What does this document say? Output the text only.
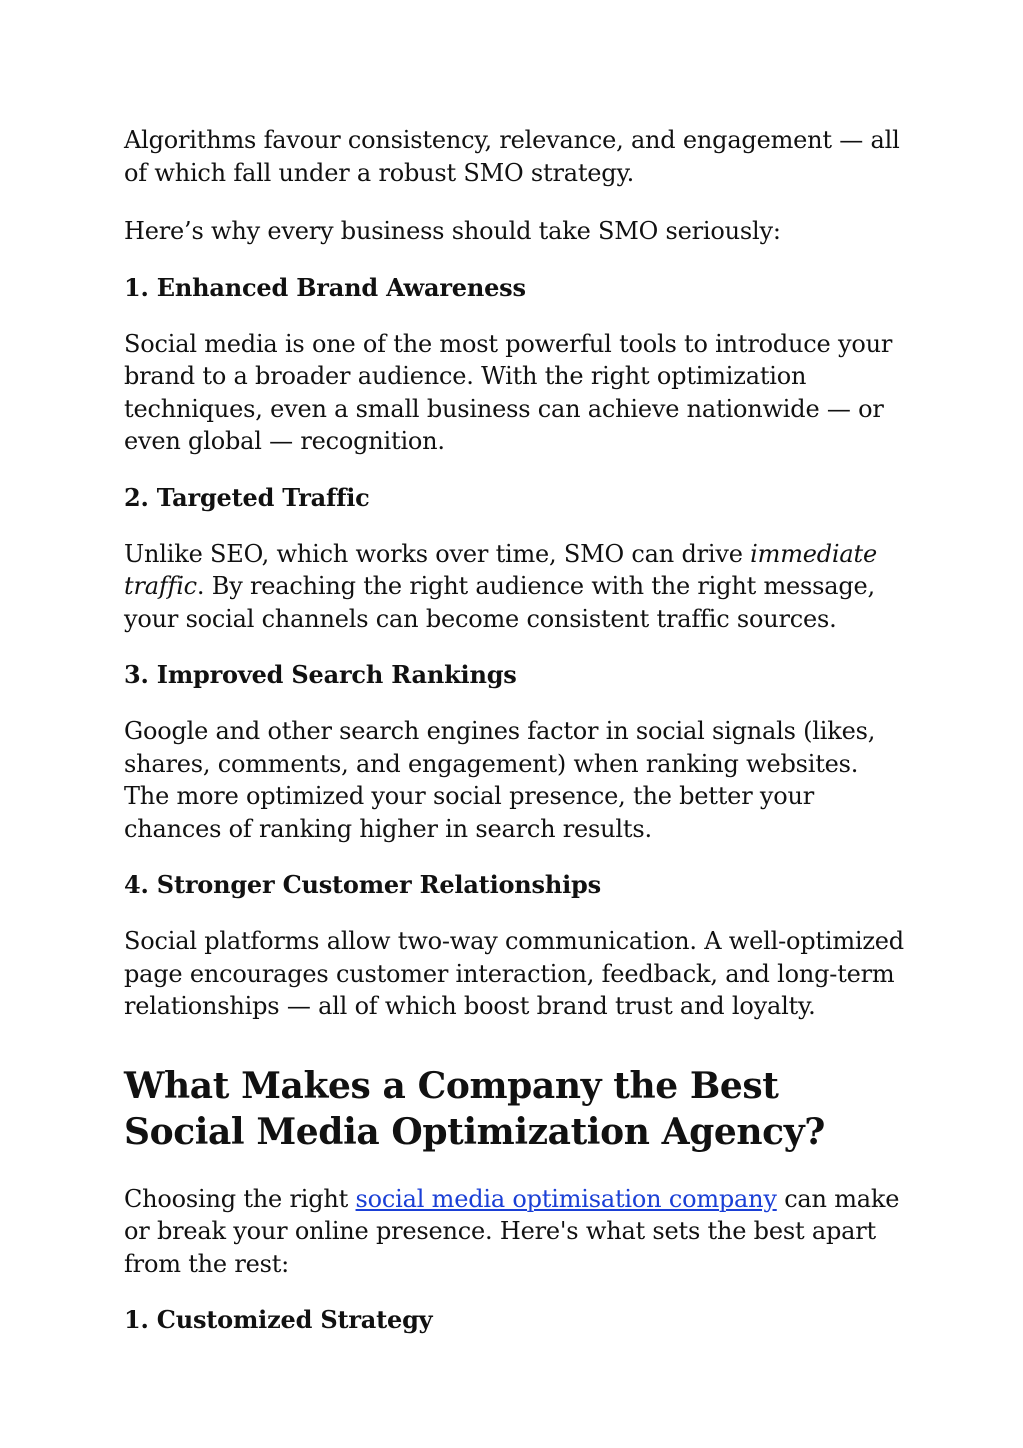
Algorithms favour consistency, relevance, and engagement — all of which fall under a robust SMO strategy.

Here’s why every business should take SMO seriously:

1. Enhanced Brand Awareness

Social media is one of the most powerful tools to introduce your brand to a broader audience. With the right optimization techniques, even a small business can achieve nationwide — or even global — recognition.

2. Targeted Traffic

Unlike SEO, which works over time, SMO can drive immediate traffic. By reaching the right audience with the right message, your social channels can become consistent traffic sources.

3. Improved Search Rankings

Google and other search engines factor in social signals (likes, shares, comments, and engagement) when ranking websites. The more optimized your social presence, the better your chances of ranking higher in search results.

4. Stronger Customer Relationships

Social platforms allow two-way communication. A well-optimized page encourages customer interaction, feedback, and long-term relationships — all of which boost brand trust and loyalty.

What Makes a Company the Best Social Media Optimization Agency?

Choosing the right social media optimisation company can make or break your online presence. Here's what sets the best apart from the rest:

1. Customized Strategy
